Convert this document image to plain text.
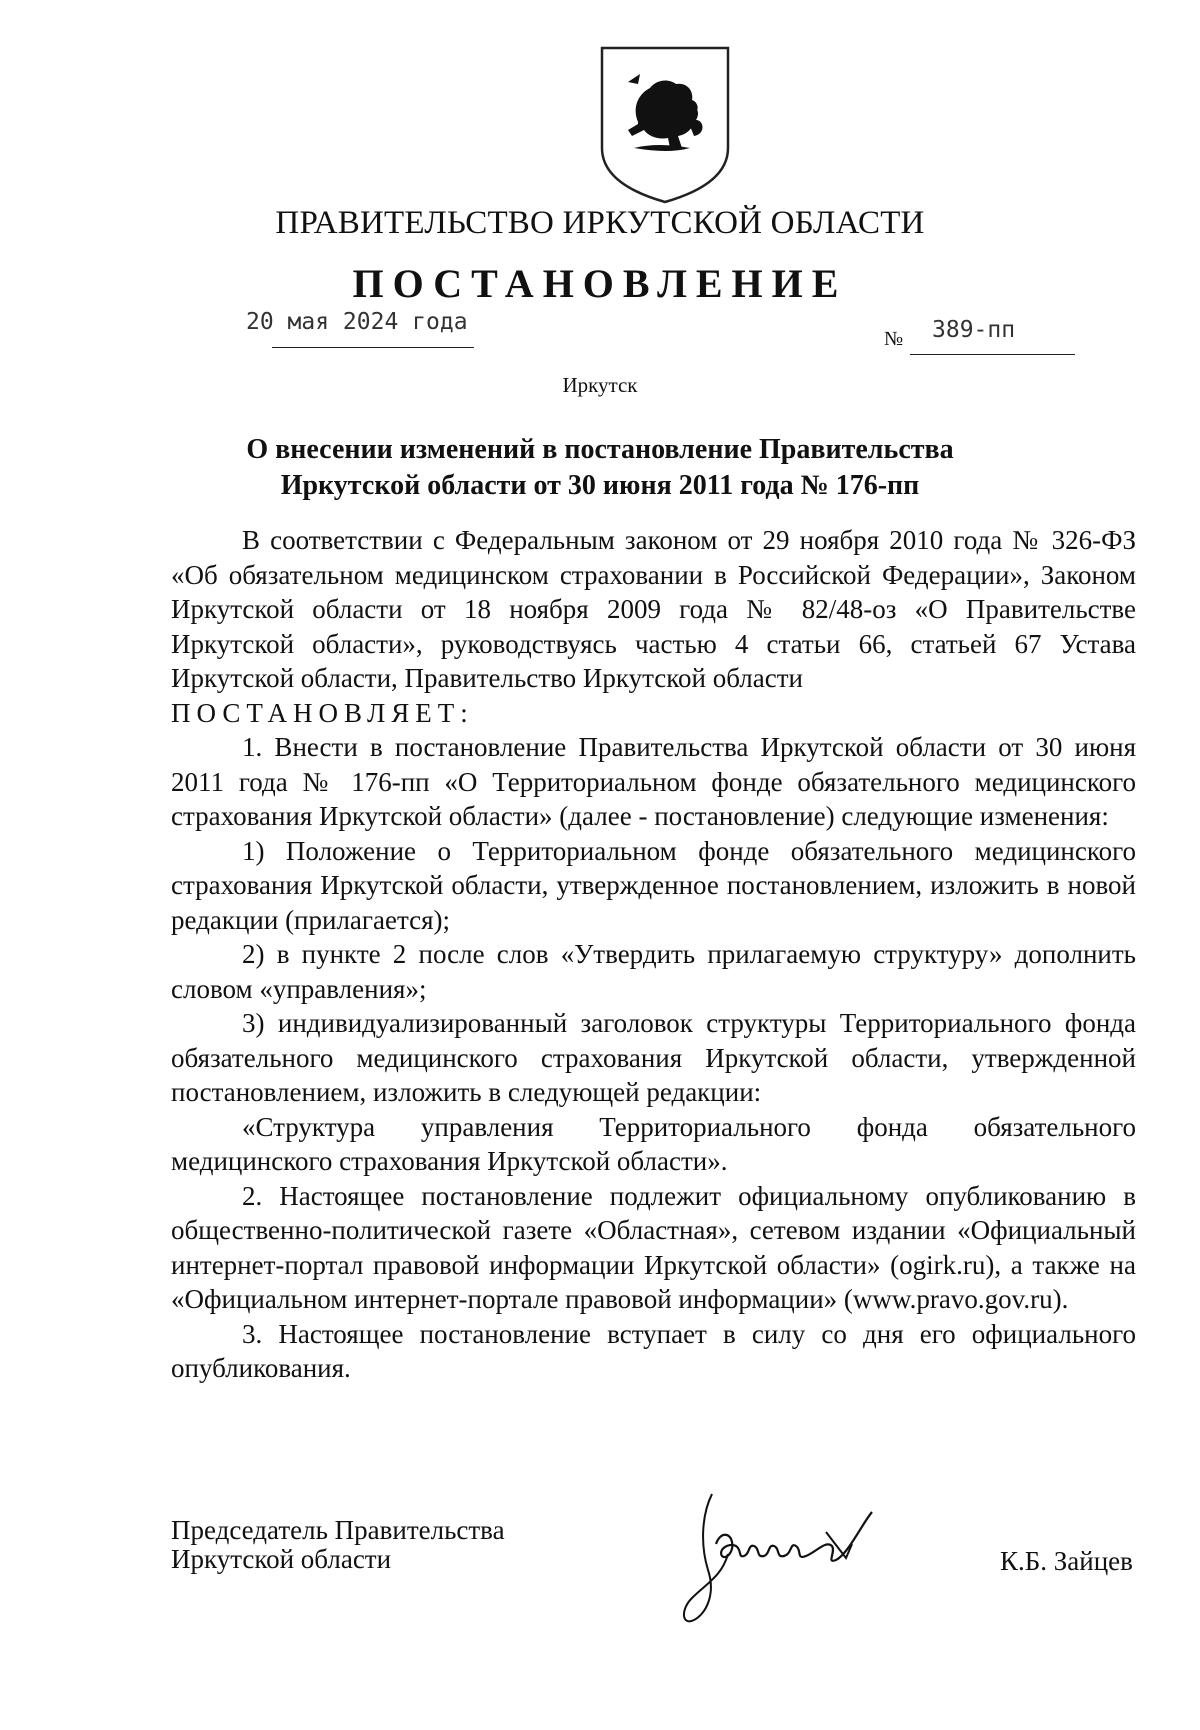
ПРАВИТЕЛЬСТВО ИРКУТСКОЙ ОБЛАСТИ
ПОСТАНОВЛЕНИЕ
20 мая 2024 года
№ 389-пп
Иркутск
О внесении изменений в постановление Правительства Иркутской области от 30 июня 2011 года № 176-пп

В соответствии с Федеральным законом от 29 ноября 2010 года № 326-ФЗ «Об обязательном медицинском страховании в Российской Федерации», Законом Иркутской области от 18 ноября 2009 года № 82/48-оз «О Правительстве Иркутской области», руководствуясь частью 4 статьи 66, статьей 67 Устава Иркутской области, Правительство Иркутской области

ПОСТАНОВЛЯЕТ:

1. Внести в постановление Правительства Иркутской области от 30 июня 2011 года № 176-пп «О Территориальном фонде обязательного медицинского страхования Иркутской области» (далее - постановление) следующие изменения:

1) Положение о Территориальном фонде обязательного медицинского страхования Иркутской области, утвержденное постановлением, изложить в новой редакции (прилагается);

2) в пункте 2 после слов «Утвердить прилагаемую структуру» дополнить словом «управления»;

3) индивидуализированный заголовок структуры Территориального фонда обязательного медицинского страхования Иркутской области, утвержденной постановлением, изложить в следующей редакции:

«Структура управления Территориального фонда обязательного медицинского страхования Иркутской области».

2. Настоящее постановление подлежит официальному опубликованию в общественно-политической газете «Областная», сетевом издании «Официальный интернет-портал правовой информации Иркутской области» (ogirk.ru), а также на «Официальном интернет-портале правовой информации» (www.pravo.gov.ru).

3. Настоящее постановление вступает в силу со дня его официального опубликования.

Председатель Правительства
Иркутской области	К.Б. Зайцев
